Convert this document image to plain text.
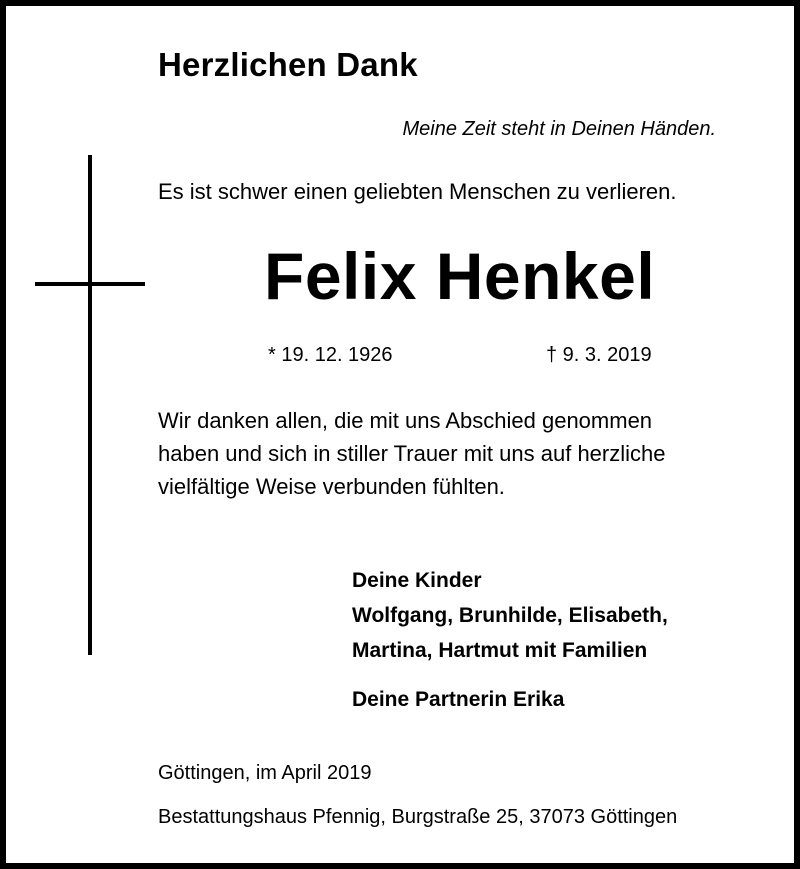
Herzlichen Dank
Meine Zeit steht in Deinen Händen.
Es ist schwer einen geliebten Menschen zu verlieren.
Felix Henkel
* 19. 12. 1926	† 9. 3. 2019
Wir danken allen, die mit uns Abschied genommen
haben und sich in stiller Trauer mit uns auf herzliche
vielfältige Weise verbunden fühlten.
Deine Kinder
Wolfgang, Brunhilde, Elisabeth,
Martina, Hartmut mit Familien
Deine Partnerin Erika
Göttingen, im April 2019
Bestattungshaus Pfennig, Burgstraße 25, 37073 Göttingen
